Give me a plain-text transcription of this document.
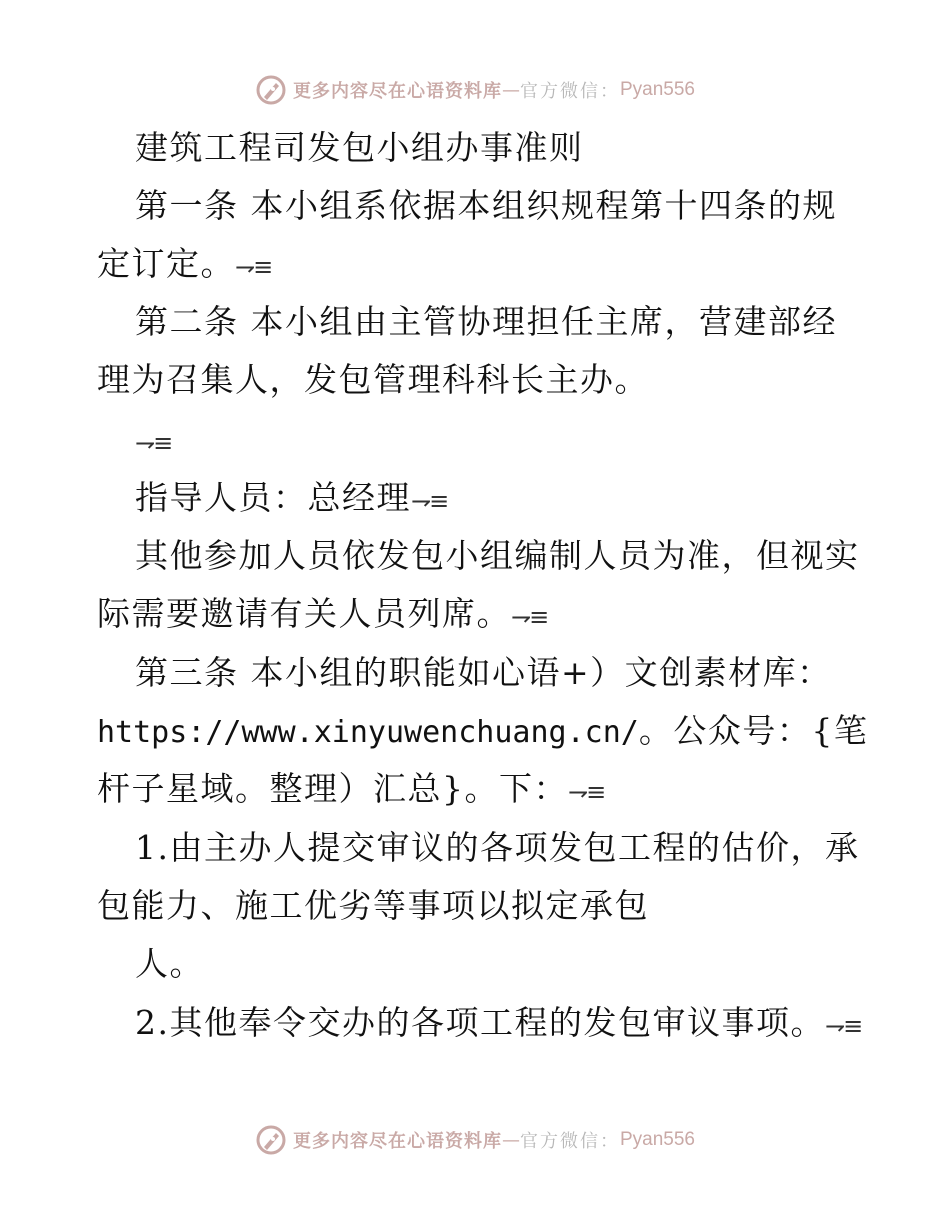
更多内容尽在心语资料库 — 官方微信： Pyan556
建筑工程司发包小组办事准则
第一条 本小组系依据本组织规程第十四条的规
定订定。⇁≡
第二条 本小组由主管协理担任主席，营建部经
理为召集人，发包管理科科长主办。
⇁≡
指导人员：总经理⇁≡
其他参加人员依发包小组编制人员为准，但视实
际需要邀请有关人员列席。⇁≡
第三条 本小组的职能如心语+）文创素材库：
https://www.xinyuwenchuang.cn/。公众号：{笔
杆子星域。整理）汇总}。下：⇁≡
1.由主办人提交审议的各项发包工程的估价，承
包能力、施工优劣等事项以拟定承包
人。
2.其他奉令交办的各项工程的发包审议事项。⇁≡
更多内容尽在心语资料库 — 官方微信： Pyan556
